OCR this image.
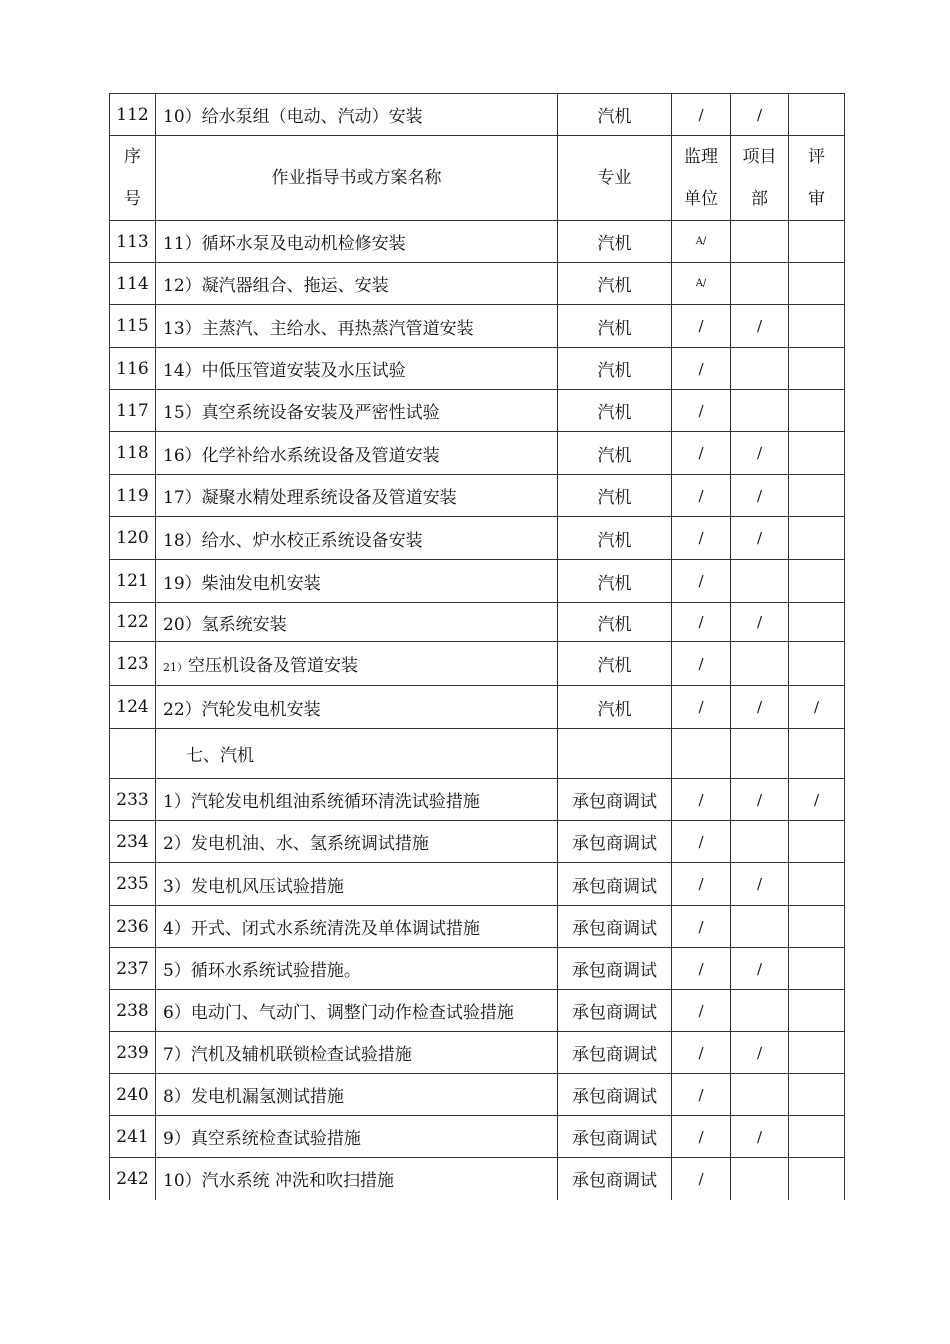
112	10）给水泵组（电动、汽动）安装	汽机	/	/	
序号	作业指导书或方案名称	专业	监理单位	项目部	评审
113	11）循环水泵及电动机检修安装	汽机	A/		
114	12）凝汽器组合、拖运、安装	汽机	A/		
115	13）主蒸汽、主给水、再热蒸汽管道安装	汽机	/	/	
116	14）中低压管道安装及水压试验	汽机	/		
117	15）真空系统设备安装及严密性试验	汽机	/		
118	16）化学补给水系统设备及管道安装	汽机	/	/	
119	17）凝聚水精处理系统设备及管道安装	汽机	/	/	
120	18）给水、炉水校正系统设备安装	汽机	/	/	
121	19）柴油发电机安装	汽机	/		
122	20）氢系统安装	汽机	/	/	
123	21）空压机设备及管道安装	汽机	/		
124	22）汽轮发电机安装	汽机	/	/	/
	七、汽机				
233	1）汽轮发电机组油系统循环清洗试验措施	承包商调试	/	/	/
234	2）发电机油、水、氢系统调试措施	承包商调试	/		
235	3）发电机风压试验措施	承包商调试	/	/	
236	4）开式、闭式水系统清洗及单体调试措施	承包商调试	/		
237	5）循环水系统试验措施。	承包商调试	/	/	
238	6）电动门、气动门、调整门动作检查试验措施	承包商调试	/		
239	7）汽机及辅机联锁检查试验措施	承包商调试	/	/	
240	8）发电机漏氢测试措施	承包商调试	/		
241	9）真空系统检查试验措施	承包商调试	/	/	
242	10）汽水系统 冲洗和吹扫措施	承包商调试	/		
